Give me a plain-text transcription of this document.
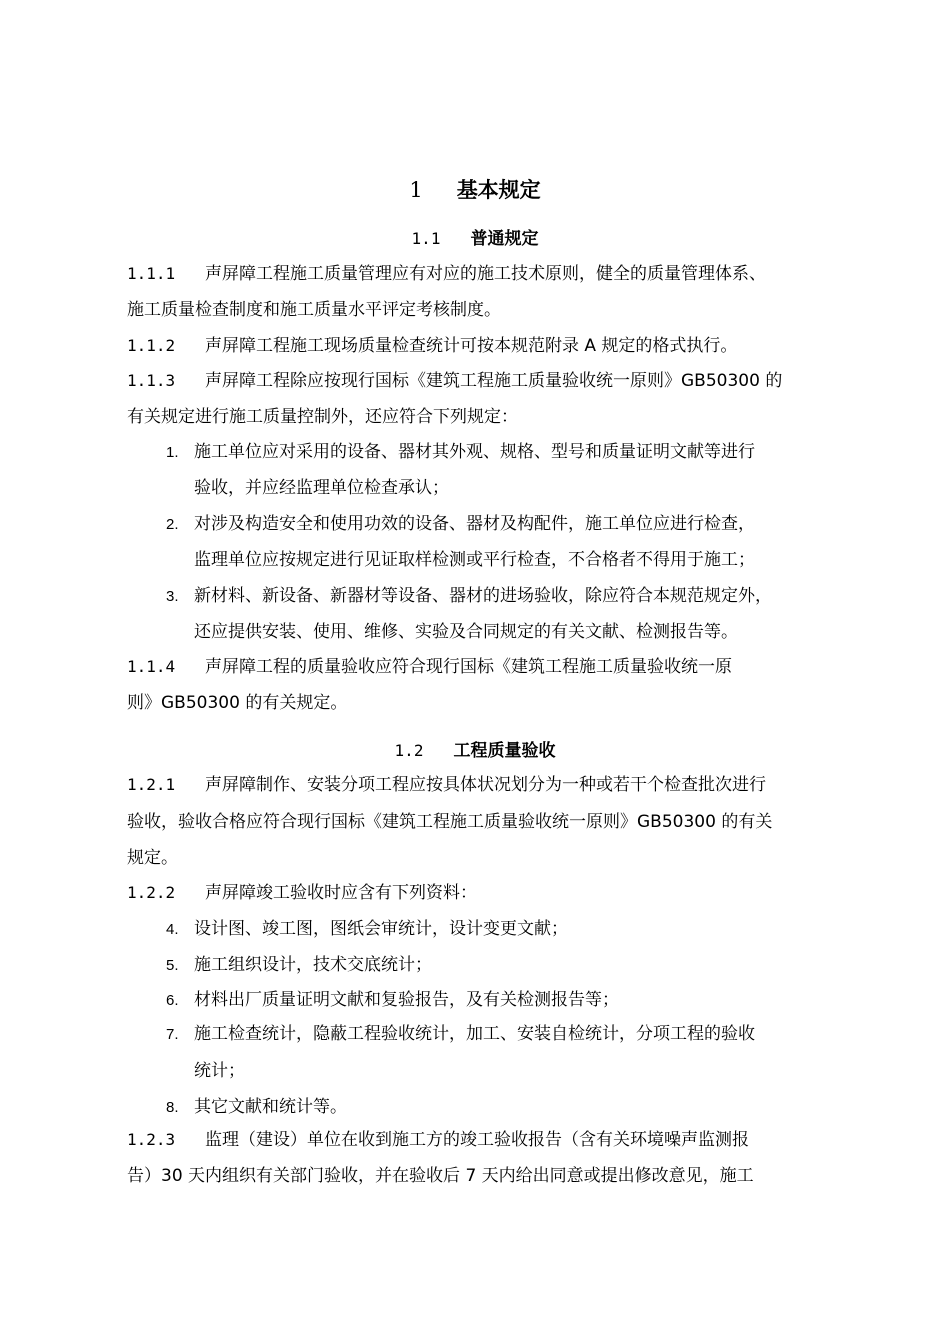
1 基本规定
1.1 普通规定
1.1.1 声屏障工程施工质量管理应有对应的施工技术原则，健全的质量管理体系、
施工质量检查制度和施工质量水平评定考核制度。
1.1.2 声屏障工程施工现场质量检查统计可按本规范附录 A 规定的格式执行。
1.1.3 声屏障工程除应按现行国标《建筑工程施工质量验收统一原则》GB50300 的
有关规定进行施工质量控制外，还应符合下列规定：
1. 施工单位应对采用的设备、器材其外观、规格、型号和质量证明文献等进行
验收，并应经监理单位检查承认；
2. 对涉及构造安全和使用功效的设备、器材及构配件，施工单位应进行检查，
监理单位应按规定进行见证取样检测或平行检查，不合格者不得用于施工；
3. 新材料、新设备、新器材等设备、器材的进场验收，除应符合本规范规定外，
还应提供安装、使用、维修、实验及合同规定的有关文献、检测报告等。
1.1.4 声屏障工程的质量验收应符合现行国标《建筑工程施工质量验收统一原
则》GB50300 的有关规定。
1.2 工程质量验收
1.2.1 声屏障制作、安装分项工程应按具体状况划分为一种或若干个检查批次进行
验收，验收合格应符合现行国标《建筑工程施工质量验收统一原则》GB50300 的有关
规定。
1.2.2 声屏障竣工验收时应含有下列资料：
4. 设计图、竣工图，图纸会审统计，设计变更文献；
5. 施工组织设计，技术交底统计；
6. 材料出厂质量证明文献和复验报告，及有关检测报告等；
7. 施工检查统计，隐蔽工程验收统计，加工、安装自检统计，分项工程的验收
统计；
8. 其它文献和统计等。
1.2.3 监理（建设）单位在收到施工方的竣工验收报告（含有关环境噪声监测报
告）30 天内组织有关部门验收，并在验收后 7 天内给出同意或提出修改意见，施工
